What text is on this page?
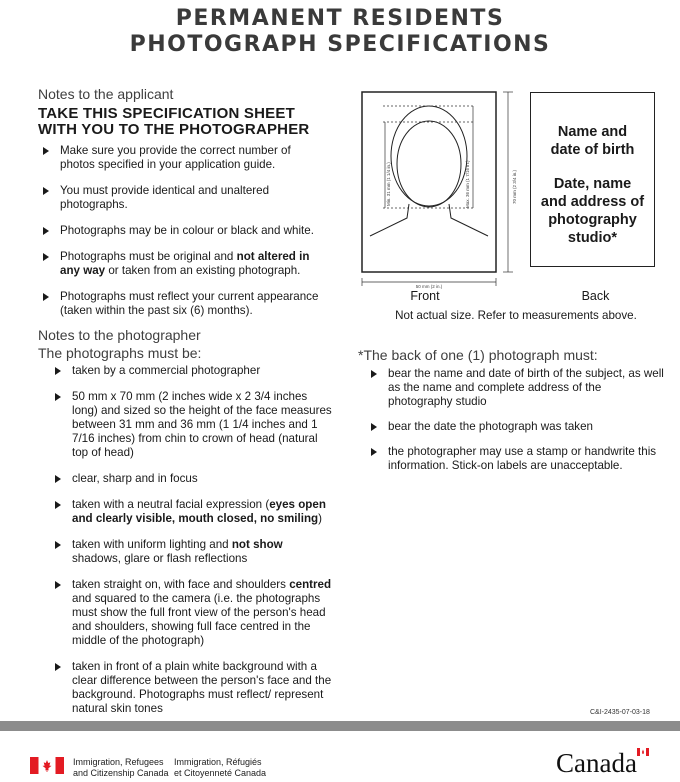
PERMANENT RESIDENTS
PHOTOGRAPH SPECIFICATIONS
Notes to the applicant
TAKE THIS SPECIFICATION SHEET
WITH YOU TO THE PHOTOGRAPHER
Make sure you provide the correct number of photos specified in your application guide.
You must provide identical and unaltered photographs.
Photographs may be in colour or black and white.
Photographs must be original and not altered in any way or taken from an existing photograph.
Photographs must reflect your current appearance (taken within the past six (6) months).
Notes to the photographer
The photographs must be:
taken by a commercial photographer
50 mm x 70 mm (2 inches wide x 2 3/4 inches long) and sized so the height of the face measures between 31 mm and 36 mm (1 1/4 inches and 1 7/16 inches) from chin to crown of head (natural top of head)
clear, sharp and in focus
taken with a neutral facial expression (eyes open and clearly visible, mouth closed, no smiling)
taken with uniform lighting and not show shadows, glare or flash reflections
taken straight on, with face and shoulders centred and squared to the camera (i.e. the photographs must show the full front view of the person's head and shoulders, showing full face centred in the middle of the photograph)
taken in front of a plain white background with a clear difference between the person's face and the background. Photographs must reflect/ represent natural skin tones
Min. 31 mm (1 1/4 in.)	Max. 36 mm (1 7/16 in.)	70 mm (2 3/4 in.)
50 mm (2 in.)
Name and date of birth
Date, name and address of photography studio*
Front	Back
Not actual size. Refer to measurements above.
*The back of one (1) photograph must:
bear the name and date of birth of the subject, as well as the name and complete address of the photography studio
bear the date the photograph was taken
the photographer may use a stamp or handwrite this information. Stick-on labels are unacceptable.
C&I-2435-07-03-18
Immigration, Refugees
and Citizenship Canada
Immigration, Réfugiés
et Citoyenneté Canada	Canada
